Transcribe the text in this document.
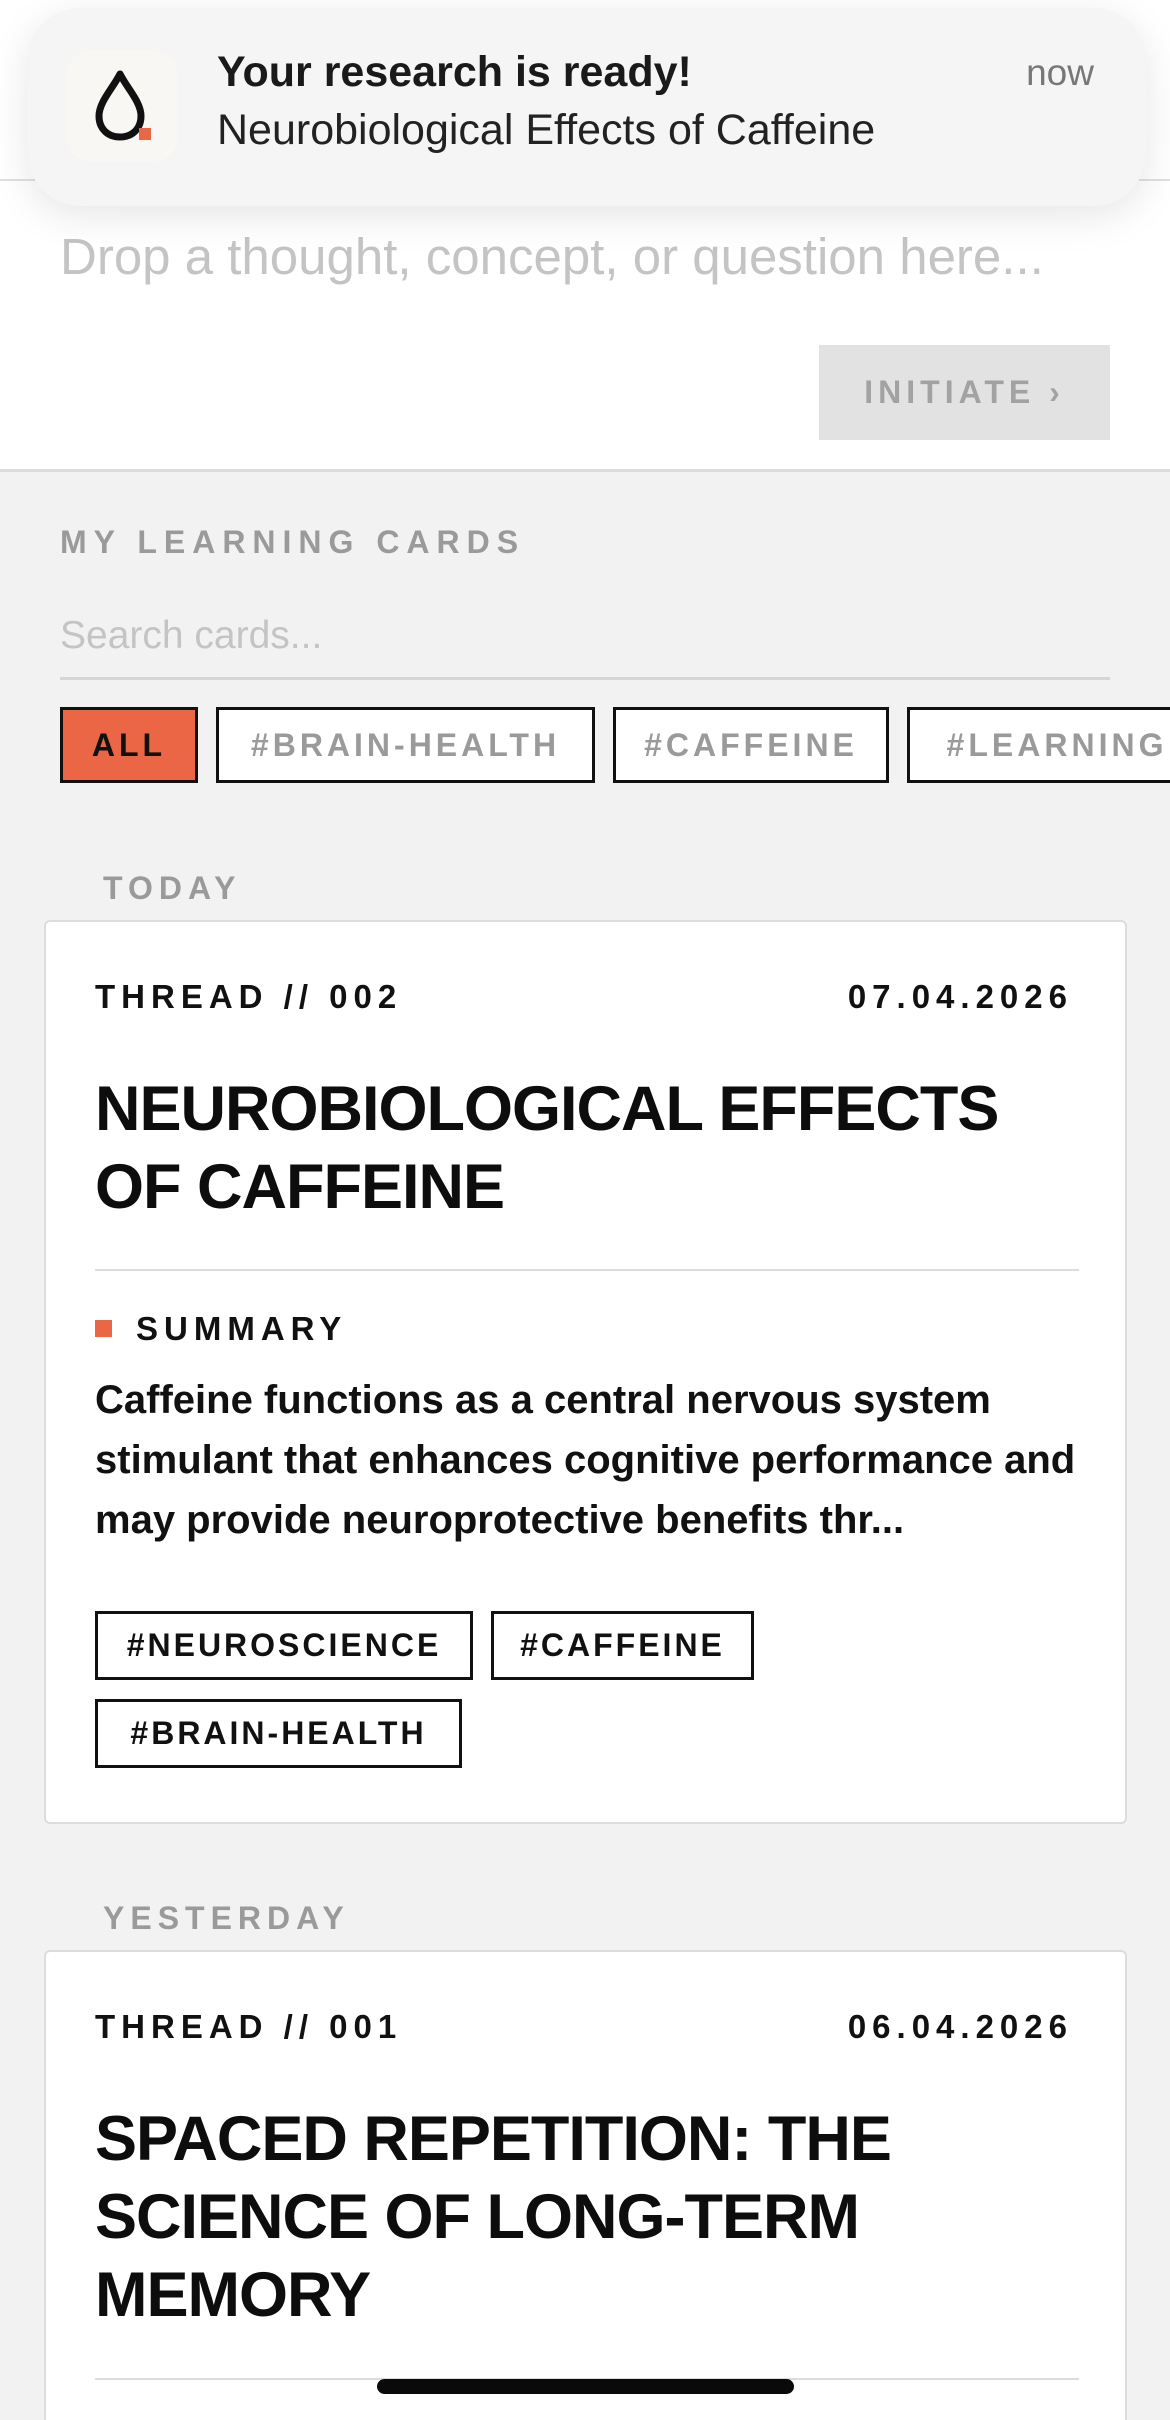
Drop a thought, concept, or question here...
INITIATE ›
Your research is ready!
Neurobiological Effects of Caffeine
now
MY LEARNING CARDS
Search cards...
ALL	#BRAIN-HEALTH	#CAFFEINE	#LEARNING
TODAY
THREAD // 002	07.04.2026
NEUROBIOLOGICAL EFFECTS OF CAFFEINE
SUMMARY
Caffeine functions as a central nervous system stimulant that enhances cognitive performance and may provide neuroprotective benefits thr...
#NEUROSCIENCE	#CAFFEINE
#BRAIN-HEALTH
YESTERDAY
THREAD // 001	06.04.2026
SPACED REPETITION: THE SCIENCE OF LONG-TERM MEMORY
